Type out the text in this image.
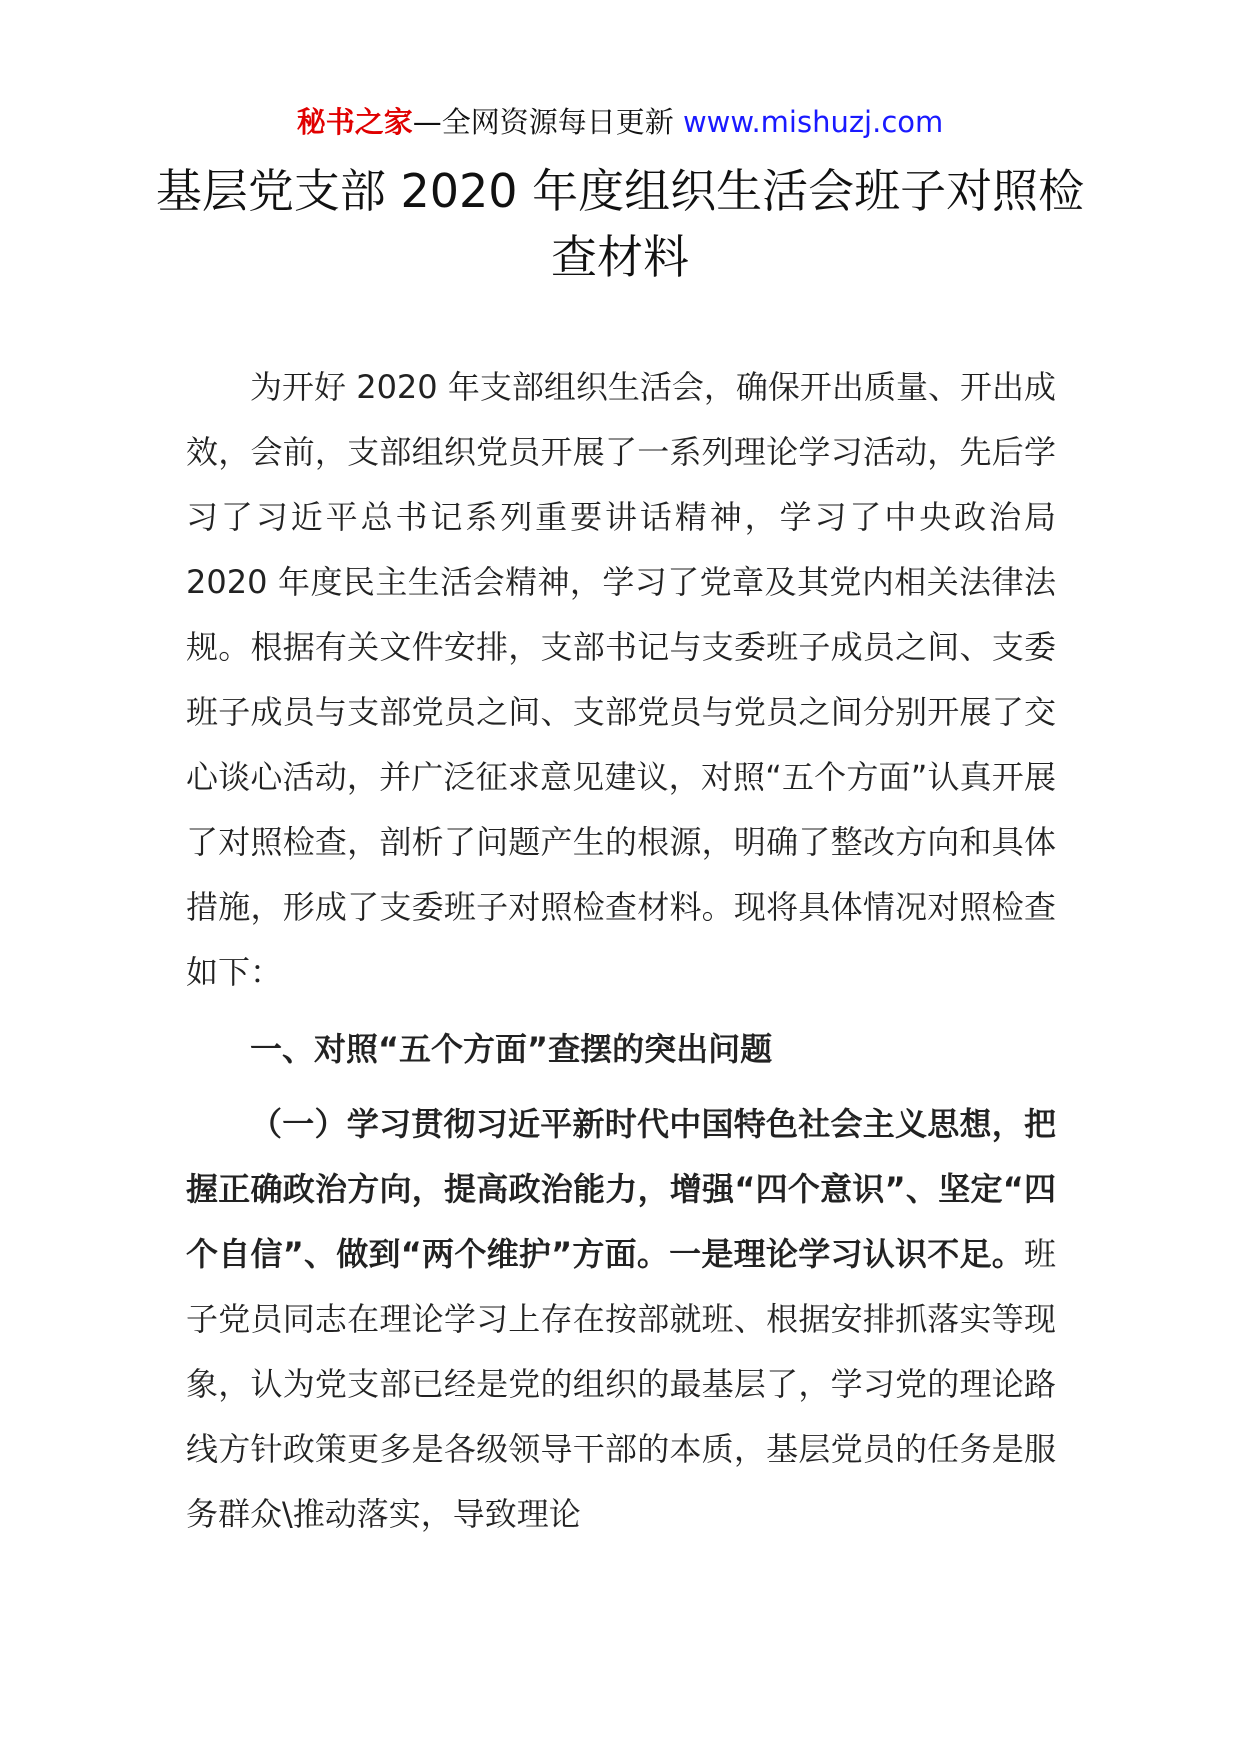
秘书之家—全网资源每日更新 www.mishuzj.com
基层党支部 2020 年度组织生活会班子对照检查材料

为开好 2020 年支部组织生活会，确保开出质量、开出成效，会前，支部组织党员开展了一系列理论学习活动，先后学习了习近平总书记系列重要讲话精神，学习了中央政治局 2020 年度民主生活会精神，学习了党章及其党内相关法律法规。根据有关文件安排，支部书记与支委班子成员之间、支委班子成员与支部党员之间、支部党员与党员之间分别开展了交心谈心活动，并广泛征求意见建议，对照“五个方面”认真开展了对照检查，剖析了问题产生的根源，明确了整改方向和具体措施，形成了支委班子对照检查材料。现将具体情况对照检查如下：

一、对照“五个方面”查摆的突出问题

（一）学习贯彻习近平新时代中国特色社会主义思想，把握正确政治方向，提高政治能力，增强“四个意识”、坚定“四个自信”、做到“两个维护”方面。一是理论学习认识不足。班子党员同志在理论学习上存在按部就班、根据安排抓落实等现象，认为党支部已经是党的组织的最基层了，学习党的理论路线方针政策更多是各级领导干部的本质，基层党员的任务是服务群众\推动落实，导致理论
